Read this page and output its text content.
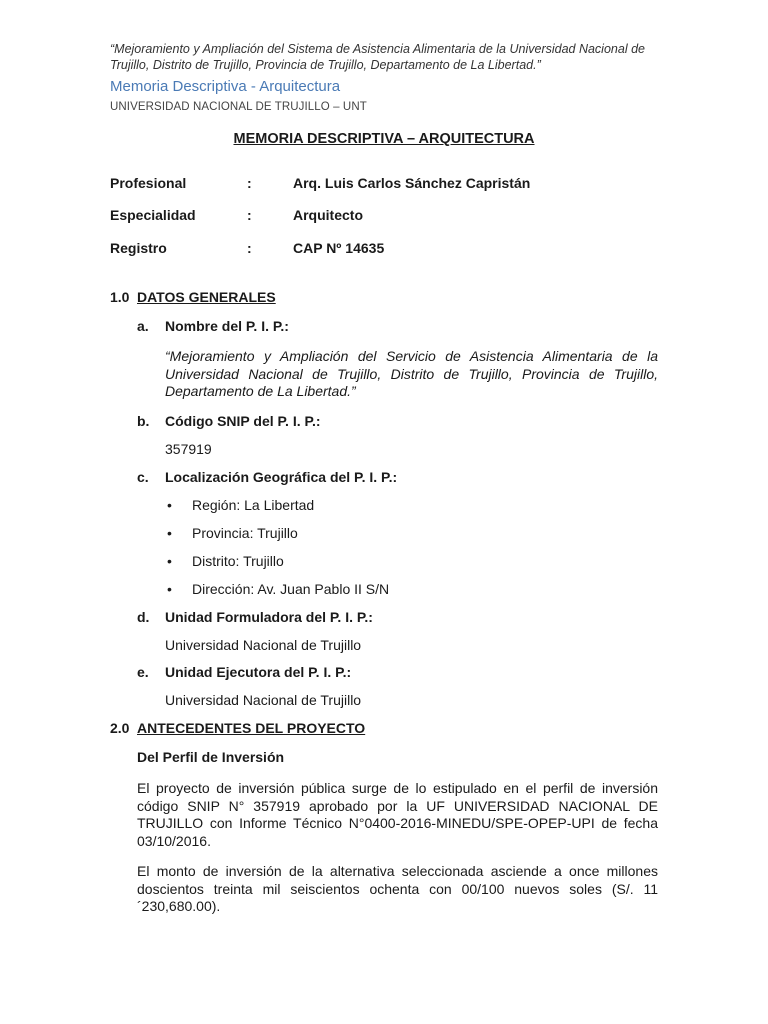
“Mejoramiento y Ampliación del Sistema de Asistencia Alimentaria de la Universidad Nacional de Trujillo, Distrito de Trujillo, Provincia de Trujillo, Departamento de La Libertad.”
Memoria Descriptiva - Arquitectura
UNIVERSIDAD NACIONAL DE TRUJILLO – UNT
MEMORIA DESCRIPTIVA – ARQUITECTURA
Profesional	:	Arq. Luis Carlos Sánchez Capristán
Especialidad	:	Arquitecto
Registro	:	CAP Nº 14635
1.0 DATOS GENERALES
a. Nombre del P. I. P.:
“Mejoramiento y Ampliación del Servicio de Asistencia Alimentaria de la Universidad Nacional de Trujillo, Distrito de Trujillo, Provincia de Trujillo, Departamento de La Libertad.”
b. Código SNIP del P. I. P.:
357919
c. Localización Geográfica del P. I. P.:
• Región: La Libertad
• Provincia: Trujillo
• Distrito: Trujillo
• Dirección: Av. Juan Pablo II S/N
d. Unidad Formuladora del P. I. P.:
Universidad Nacional de Trujillo
e. Unidad Ejecutora del P. I. P.:
Universidad Nacional de Trujillo
2.0 ANTECEDENTES DEL PROYECTO
Del Perfil de Inversión
El proyecto de inversión pública surge de lo estipulado en el perfil de inversión código SNIP N° 357919 aprobado por la UF UNIVERSIDAD NACIONAL DE TRUJILLO con Informe Técnico N°0400-2016-MINEDU/SPE-OPEP-UPI de fecha 03/10/2016.
El monto de inversión de la alternativa seleccionada asciende a once millones doscientos treinta mil seiscientos ochenta con 00/100 nuevos soles (S/. 11´230,680.00).
